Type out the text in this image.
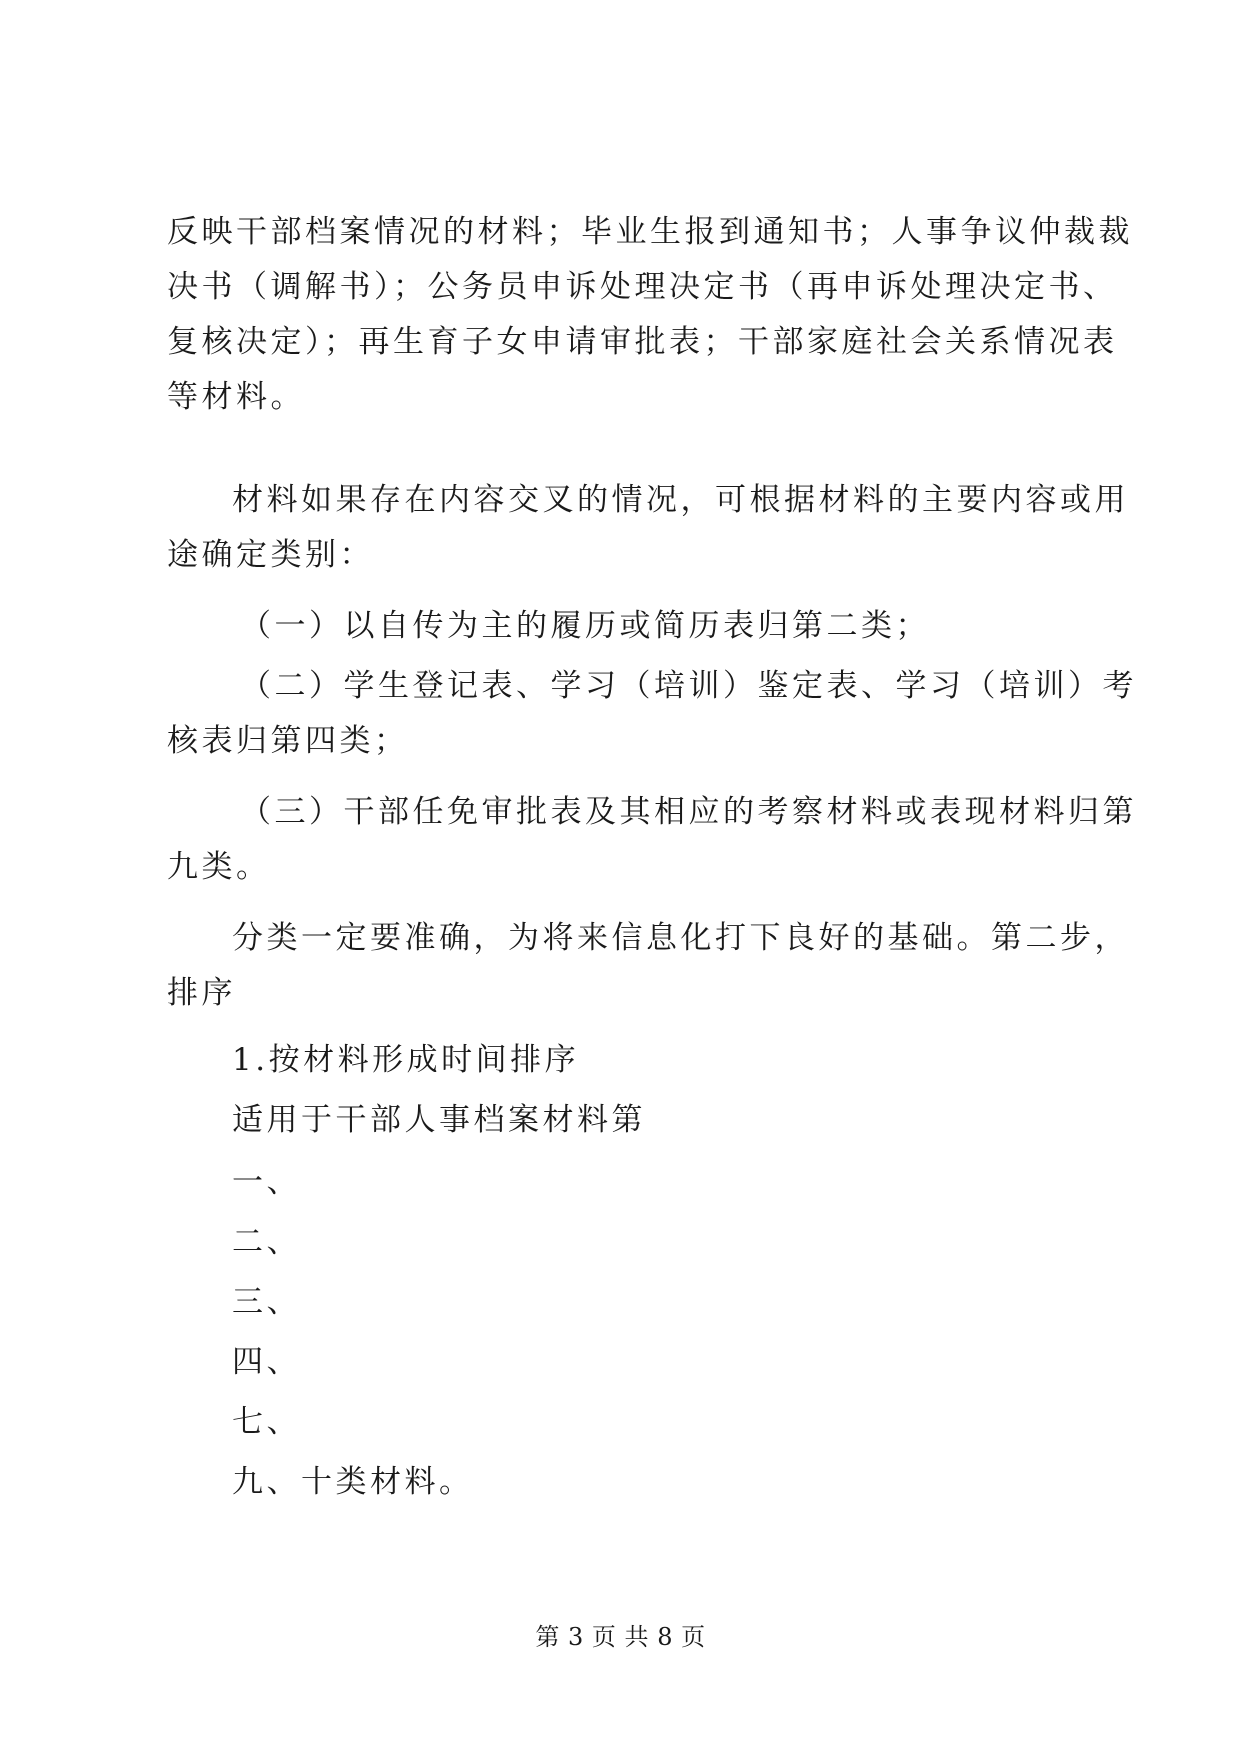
反映干部档案情况的材料；毕业生报到通知书；人事争议仲裁裁
决书（调解书）；公务员申诉处理决定书（再申诉处理决定书、
复核决定）；再生育子女申请审批表；干部家庭社会关系情况表
等材料。
材料如果存在内容交叉的情况，可根据材料的主要内容或用
途确定类别：
（一）以自传为主的履历或简历表归第二类；
（二）学生登记表、学习（培训）鉴定表、学习（培训）考
核表归第四类；
（三）干部任免审批表及其相应的考察材料或表现材料归第
九类。
分类一定要准确，为将来信息化打下良好的基础。第二步，
排序
1.按材料形成时间排序
适用于干部人事档案材料第
一、
二、
三、
四、
七、
九、十类材料。
第 3 页 共 8 页
